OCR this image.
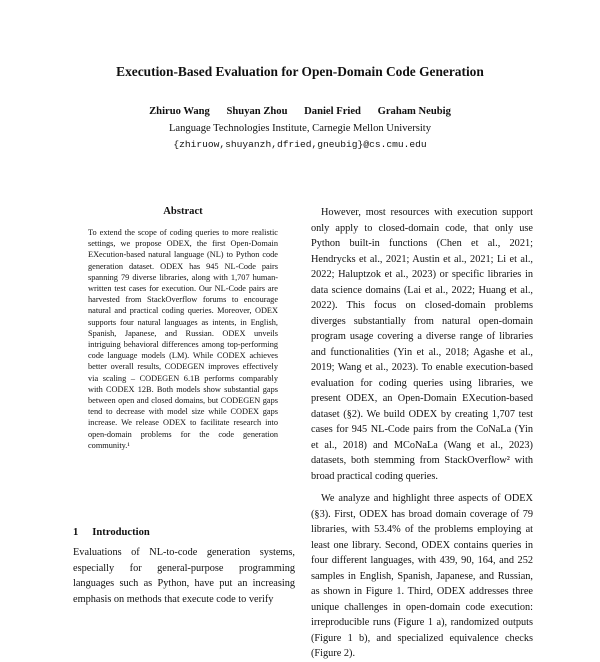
Execution-Based Evaluation for Open-Domain Code Generation
Zhiruo Wang Shuyan Zhou Daniel Fried Graham Neubig
Language Technologies Institute, Carnegie Mellon University
{zhiruow,shuyanzh,dfried,gneubig}@cs.cmu.edu
Abstract

To extend the scope of coding queries to more realistic settings, we propose ODEX, the first Open-Domain EXecution-based natural language (NL) to Python code generation dataset. ODEX has 945 NL-Code pairs spanning 79 diverse libraries, along with 1,707 human-written test cases for execution. Our NL-Code pairs are harvested from StackOverflow forums to encourage natural and practical coding queries. Moreover, ODEX supports four natural languages as intents, in English, Spanish, Japanese, and Russian. ODEX unveils intriguing behavioral differences among top-performing code language models (LM). While CODEX achieves better overall results, CODEGEN improves effectively via scaling – CODEGEN 6.1B performs comparably with CODEX 12B. Both models show substantial gaps between open and closed domains, but CODEGEN gaps tend to decrease with model size while CODEX gaps increase. We release ODEX to facilitate research into open-domain problems for the code generation community.¹

1 Introduction

Evaluations of NL-to-code generation systems, especially for general-purpose programming languages such as Python, have put an increasing emphasis on methods that execute code to verify

However, most resources with execution support only apply to closed-domain code, that only use Python built-in functions (Chen et al., 2021; Hendrycks et al., 2021; Austin et al., 2021; Li et al., 2022; Haluptzok et al., 2023) or specific libraries in data science domains (Lai et al., 2022; Huang et al., 2022). This focus on closed-domain problems diverges substantially from natural open-domain program usage covering a diverse range of libraries and functionalities (Yin et al., 2018; Agashe et al., 2019; Wang et al., 2023). To enable execution-based evaluation for coding queries using libraries, we present ODEX, an Open-Domain EXecution-based dataset (§2). We build ODEX by creating 1,707 test cases for 945 NL-Code pairs from the CoNaLa (Yin et al., 2018) and MCoNaLa (Wang et al., 2023) datasets, both stemming from StackOverflow² with broad practical coding queries.

We analyze and highlight three aspects of ODEX (§3). First, ODEX has broad domain coverage of 79 libraries, with 53.4% of the problems employing at least one library. Second, ODEX contains queries in four different languages, with 439, 90, 164, and 252 samples in English, Spanish, Japanese, and Russian, as shown in Figure 1. Third, ODEX addresses three unique challenges in open-domain code execution: irreproducible runs (Figure 1 a), randomized outputs (Figure 1 b), and specialized equivalence checks (Figure 2).
